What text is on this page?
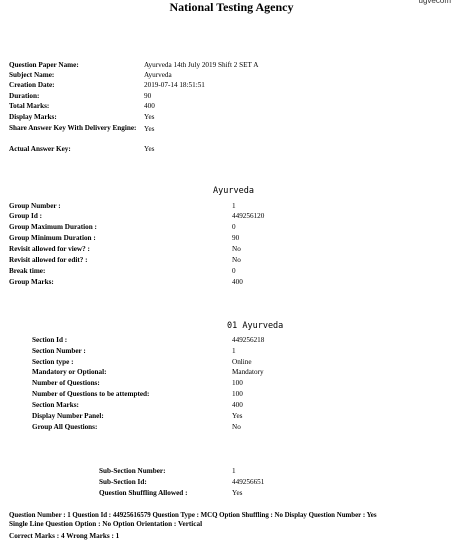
National Testing Agency	ugvecom
Question Paper Name:	Ayurveda 14th July 2019 Shift 2 SET A
Subject Name:	Ayurveda
Creation Date:	2019-07-14 18:51:51
Duration:	90
Total Marks:	400
Display Marks:	Yes
Share Answer Key With Delivery Engine:	Yes
Actual Answer Key:	Yes
Ayurveda
Group Number :	1
Group Id :	449256120
Group Maximum Duration :	0
Group Minimum Duration :	90
Revisit allowed for view? :	No
Revisit allowed for edit? :	No
Break time:	0
Group Marks:	400
01 Ayurveda
Section Id :	449256218
Section Number :	1
Section type :	Online
Mandatory or Optional:	Mandatory
Number of Questions:	100
Number of Questions to be attempted:	100
Section Marks:	400
Display Number Panel:	Yes
Group All Questions:	No
Sub-Section Number:	1
Sub-Section Id:	449256651
Question Shuffling Allowed :	Yes
Question Number : 1 Question Id : 44925616579 Question Type : MCQ Option Shuffling : No Display Question Number : Yes
Single Line Question Option : No Option Orientation : Vertical
Correct Marks : 4 Wrong Marks : 1
